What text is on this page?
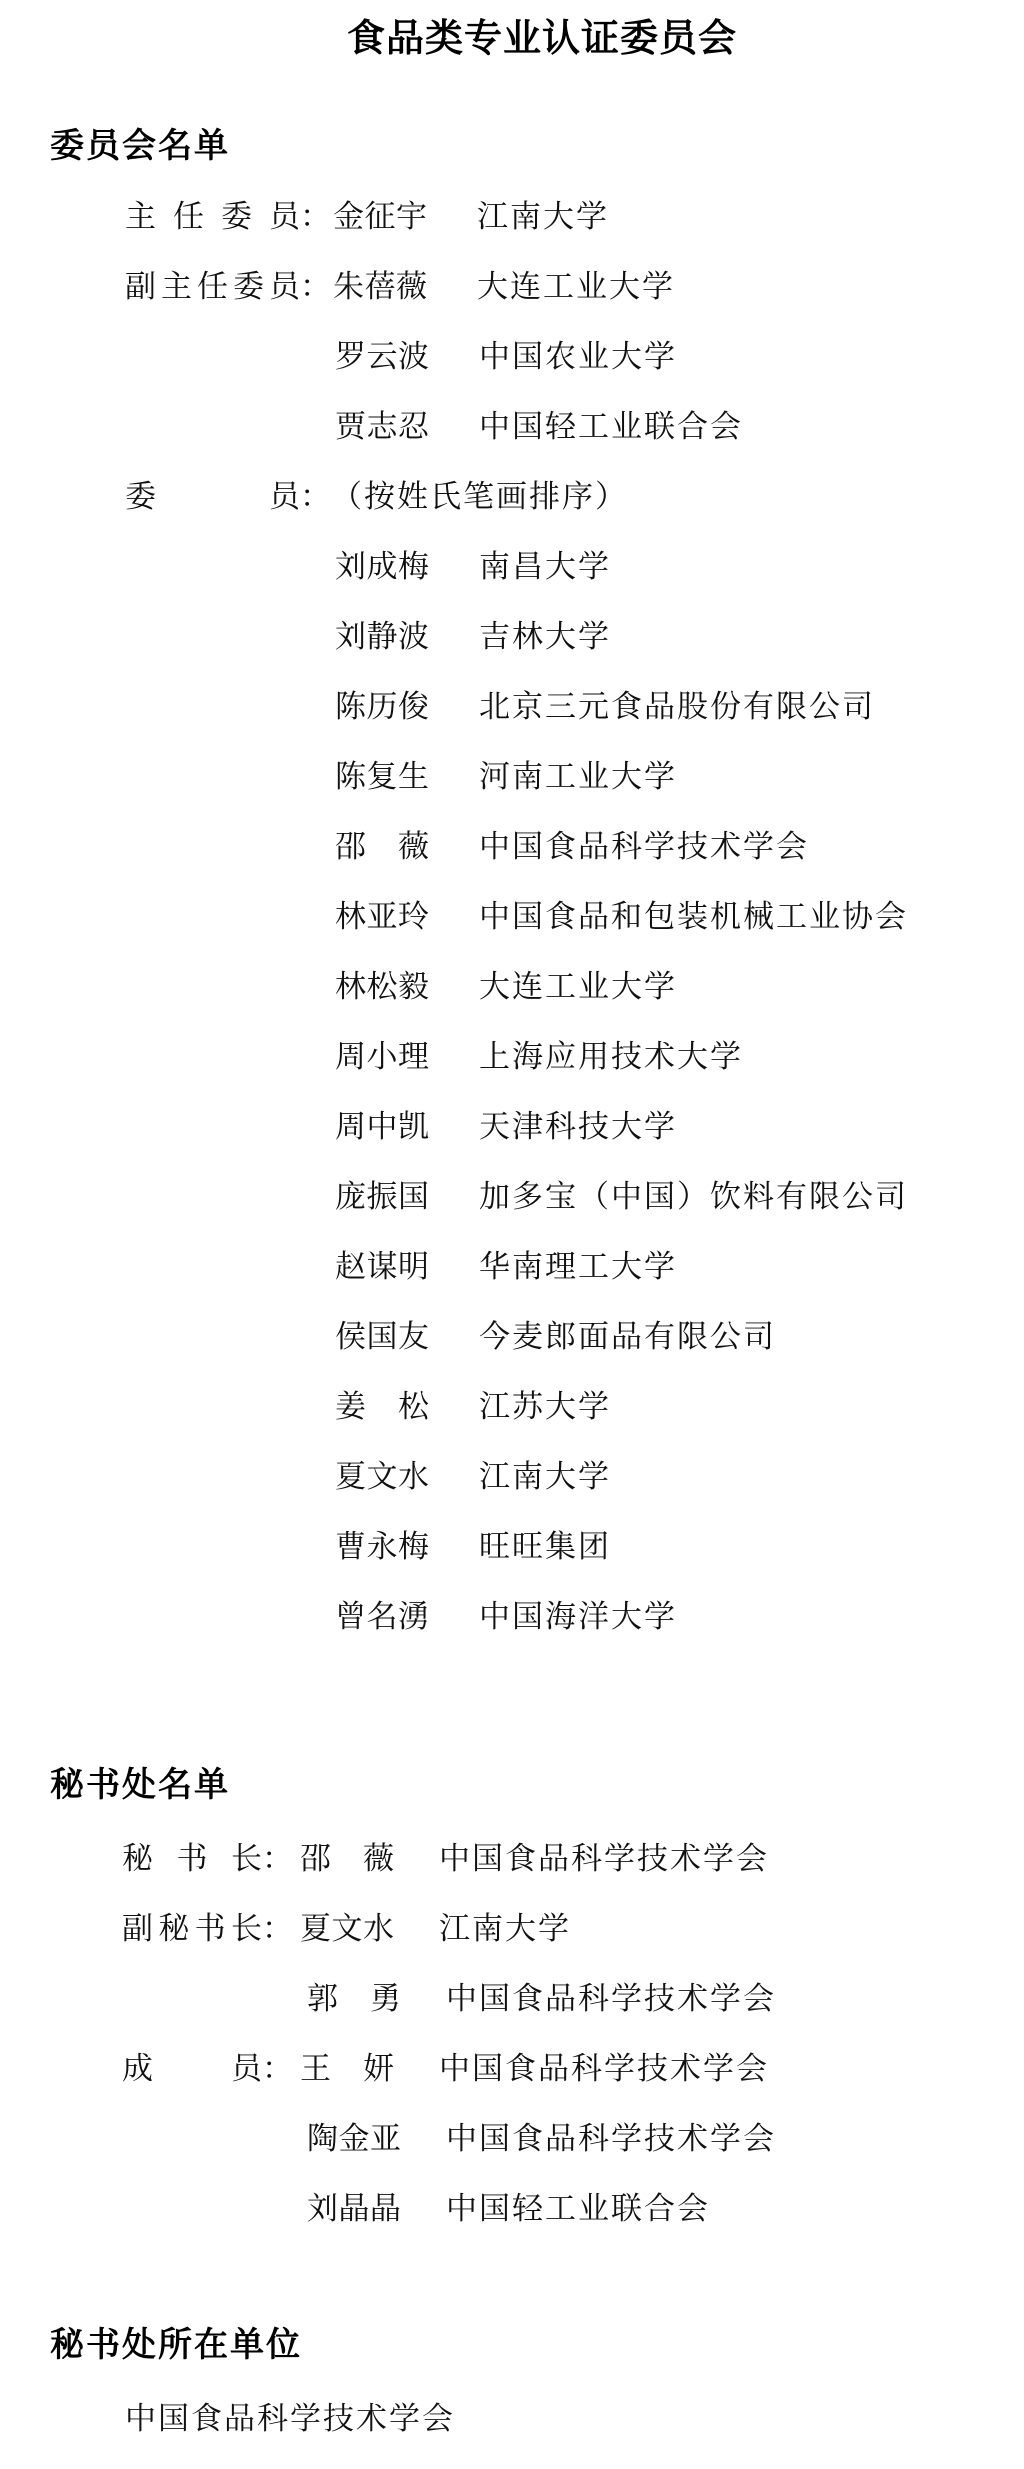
食品类专业认证委员会
委员会名单
主任委员 ： 金征宇 江南大学
副主任委员 ： 朱蓓薇 大连工业大学
罗云波 中国农业大学
贾志忍 中国轻工业联合会
委员 ： （按姓氏笔画排序）
刘成梅 南昌大学
刘静波 吉林大学
陈历俊 北京三元食品股份有限公司
陈复生 河南工业大学
邵薇 中国食品科学技术学会
林亚玲 中国食品和包装机械工业协会
林松毅 大连工业大学
周小理 上海应用技术大学
周中凯 天津科技大学
庞振国 加多宝（中国）饮料有限公司
赵谋明 华南理工大学
侯国友 今麦郎面品有限公司
姜松 江苏大学
夏文水 江南大学
曹永梅 旺旺集团
曾名湧 中国海洋大学
秘书处名单
秘书长 ： 邵薇 中国食品科学技术学会
副秘书长 ： 夏文水 江南大学
郭勇 中国食品科学技术学会
成员 ： 王妍 中国食品科学技术学会
陶金亚 中国食品科学技术学会
刘晶晶 中国轻工业联合会
秘书处所在单位
中国食品科学技术学会
